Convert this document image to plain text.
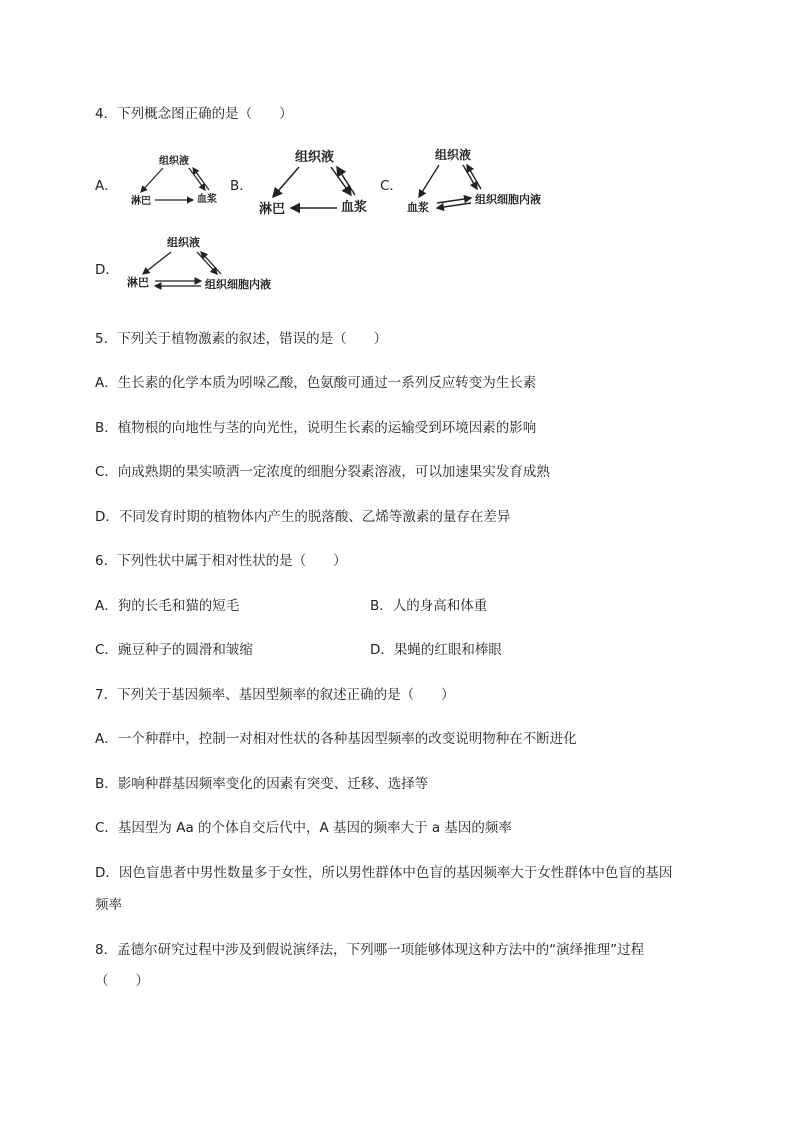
4．下列概念图正确的是（　　）
A．
组织液
淋巴	血浆
B．
组织液
淋巴	血浆
C．
组织液
血浆
组织细胞内液
D．
组织液
淋巴	组织细胞内液
5．下列关于植物激素的叙述，错误的是（　　）
A．生长素的化学本质为吲哚乙酸，色氨酸可通过一系列反应转变为生长素
B．植物根的向地性与茎的向光性，说明生长素的运输受到环境因素的影响
C．向成熟期的果实喷洒一定浓度的细胞分裂素溶液，可以加速果实发育成熟
D．不同发育时期的植物体内产生的脱落酸、乙烯等激素的量存在差异
6．下列性状中属于相对性状的是（　　）
A．狗的长毛和猫的短毛	B．人的身高和体重
C．豌豆种子的圆滑和皱缩	D．果蝇的红眼和棒眼
7．下列关于基因频率、基因型频率的叙述正确的是（　　）
A．一个种群中，控制一对相对性状的各种基因型频率的改变说明物种在不断进化
B．影响种群基因频率变化的因素有突变、迁移、选择等
C．基因型为 Aa 的个体自交后代中，A 基因的频率大于 a 基因的频率
D．因色盲患者中男性数量多于女性，所以男性群体中色盲的基因频率大于女性群体中色盲的基因
频率
8．孟德尔研究过程中涉及到假说演绎法，下列哪一项能够体现这种方法中的“演绎推理”过程
（　　）
